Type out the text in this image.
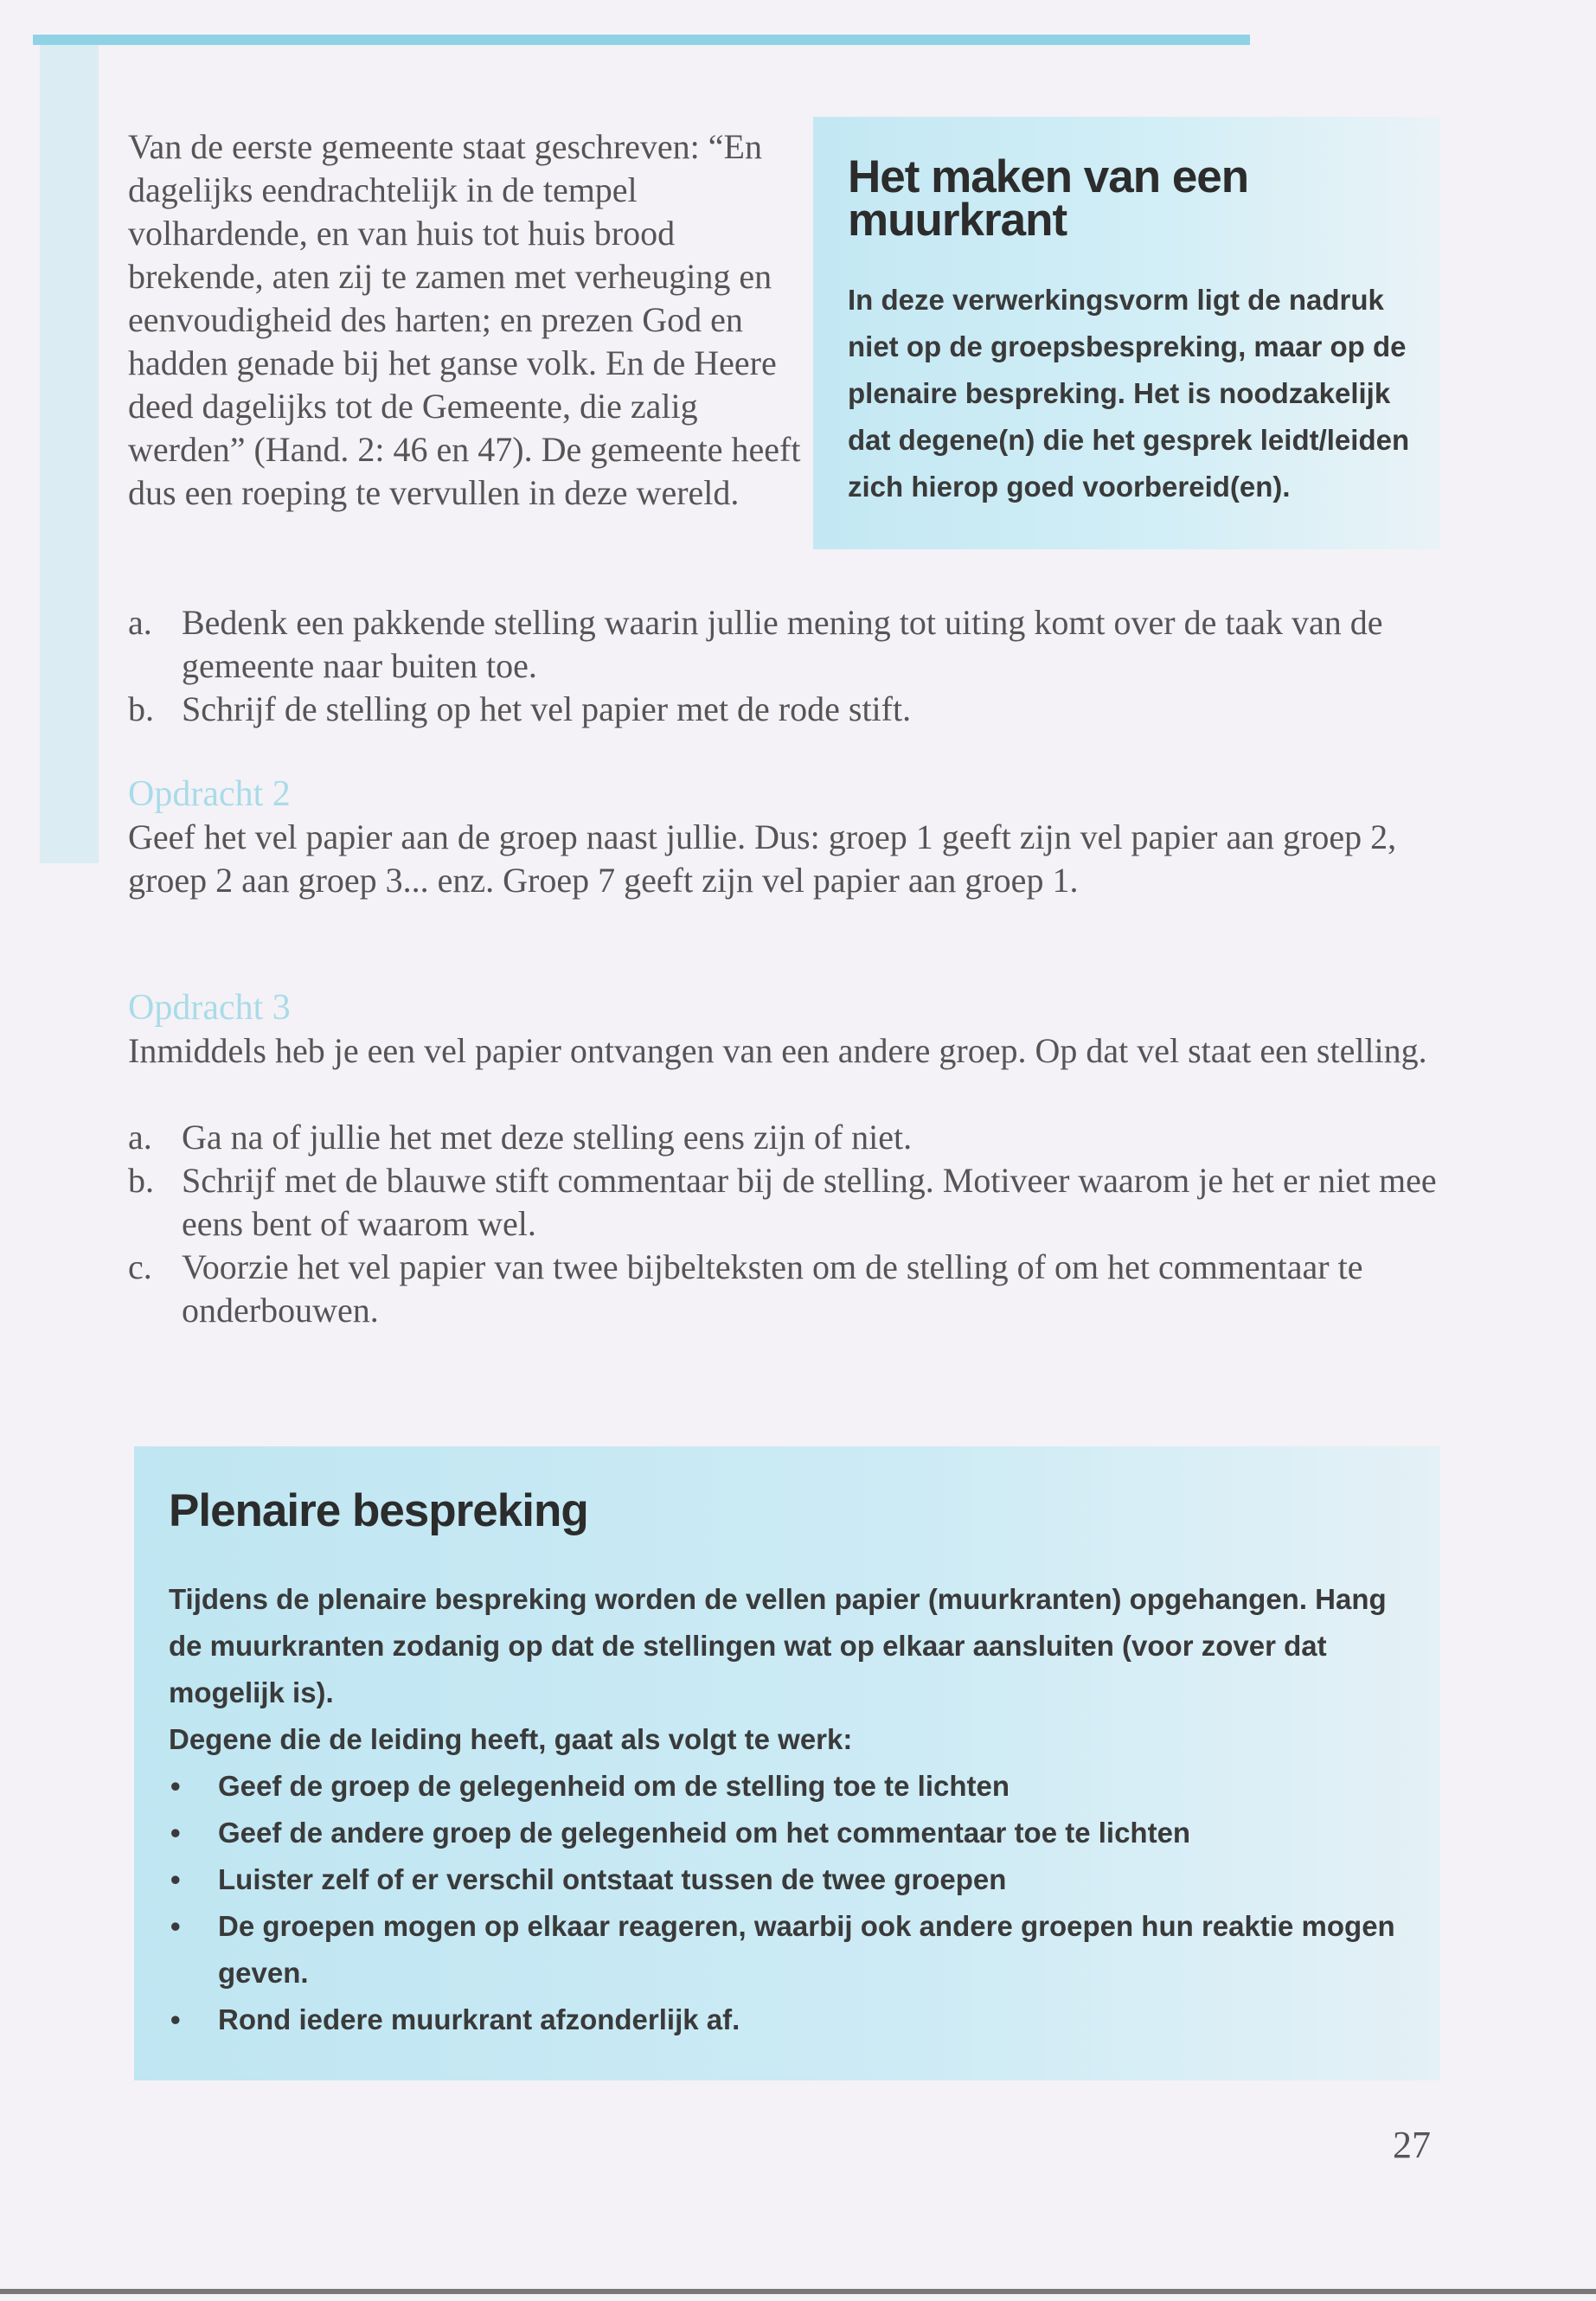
Van de eerste gemeente staat geschreven: “En dagelijks eendrachtelijk in de tempel volhardende, en van huis tot huis brood brekende, aten zij te zamen met verheuging en eenvoudigheid des harten; en prezen God en hadden genade bij het ganse volk. En de Heere deed dagelijks tot de Gemeente, die zalig werden” (Hand. 2: 46 en 47). De gemeente heeft dus een roeping te vervullen in deze wereld.

a. Bedenk een pakkende stelling waarin jullie mening tot uiting komt over de taak van de gemeente naar buiten toe.
b. Schrijf de stelling op het vel papier met de rode stift.
Opdracht 2

Geef het vel papier aan de groep naast jullie. Dus: groep 1 geeft zijn vel papier aan groep 2, groep 2 aan groep 3... enz. Groep 7 geeft zijn vel papier aan groep 1.

Opdracht 3

Inmiddels heb je een vel papier ontvangen van een andere groep. Op dat vel staat een stelling.

a. Ga na of jullie het met deze stelling eens zijn of niet.
b. Schrijf met de blauwe stift commentaar bij de stelling. Motiveer waarom je het er niet mee eens bent of waarom wel.
c. Voorzie het vel papier van twee bijbelteksten om de stelling of om het commentaar te onderbouwen.
Het maken van een
muurkrant

In deze verwerkingsvorm ligt de nadruk niet op de groepsbespreking, maar op de plenaire bespreking. Het is noodzakelijk dat degene(n) die het gesprek leidt/leiden zich hierop goed voorbereid(en).

Plenaire bespreking

Tijdens de plenaire bespreking worden de vellen papier (muurkranten) opgehangen. Hang de muurkranten zodanig op dat de stellingen wat op elkaar aansluiten (voor zover dat mogelijk is).

Degene die de leiding heeft, gaat als volgt te werk:

• Geef de groep de gelegenheid om de stelling toe te lichten
• Geef de andere groep de gelegenheid om het commentaar toe te lichten
• Luister zelf of er verschil ontstaat tussen de twee groepen
• De groepen mogen op elkaar reageren, waarbij ook andere groepen hun reaktie mogen geven.
• Rond iedere muurkrant afzonderlijk af.

27
